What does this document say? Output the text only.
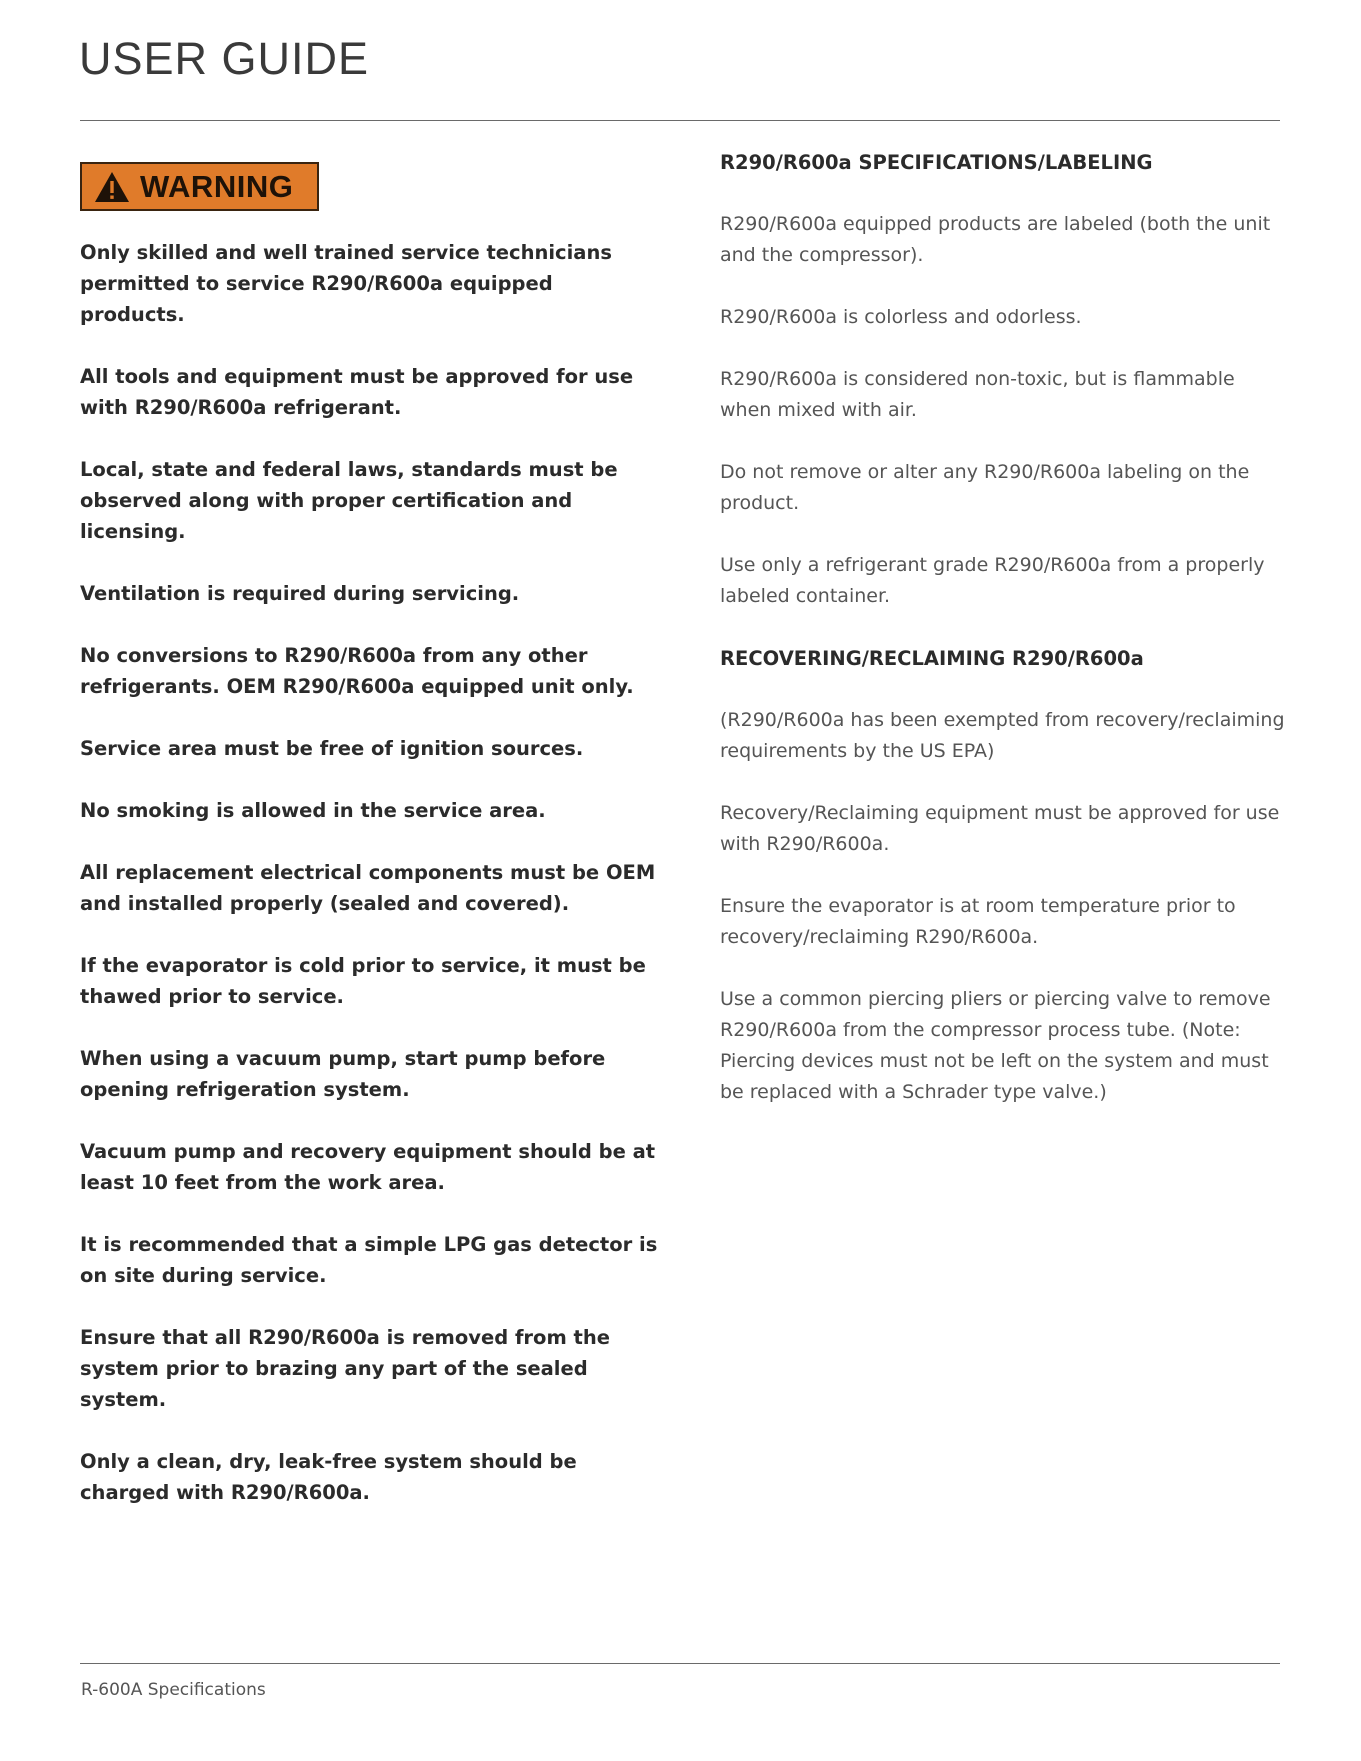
USER GUIDE
WARNING

Only skilled and well trained service technicians permitted to service R290/R600a equipped products.

All tools and equipment must be approved for use with R290/R600a refrigerant.

Local, state and federal laws, standards must be observed along with proper certification and licensing.

Ventilation is required during servicing.

No conversions to R290/R600a from any other refrigerants. OEM R290/R600a equipped unit only.

Service area must be free of ignition sources.

No smoking is allowed in the service area.

All replacement electrical components must be OEM and installed properly (sealed and covered).

If the evaporator is cold prior to service, it must be thawed prior to service.

When using a vacuum pump, start pump before opening refrigeration system.

Vacuum pump and recovery equipment should be at least 10 feet from the work area.

It is recommended that a simple LPG gas detector is on site during service.

Ensure that all R290/R600a is removed from the system prior to brazing any part of the sealed system.

Only a clean, dry, leak-free system should be charged with R290/R600a.

R290/R600a SPECIFICATIONS/LABELING

R290/R600a equipped products are labeled (both the unit and the compressor).

R290/R600a is colorless and odorless.

R290/R600a is considered non-toxic, but is flammable when mixed with air.

Do not remove or alter any R290/R600a labeling on the product.

Use only a refrigerant grade R290/R600a from a properly labeled container.

RECOVERING/RECLAIMING R290/R600a

(R290/R600a has been exempted from recovery/reclaiming requirements by the US EPA)

Recovery/Reclaiming equipment must be approved for use with R290/R600a.

Ensure the evaporator is at room temperature prior to recovery/reclaiming R290/R600a.

Use a common piercing pliers or piercing valve to remove R290/R600a from the compressor process tube. (Note: Piercing devices must not be left on the system and must be replaced with a Schrader type valve.)

R-600A Specifications
